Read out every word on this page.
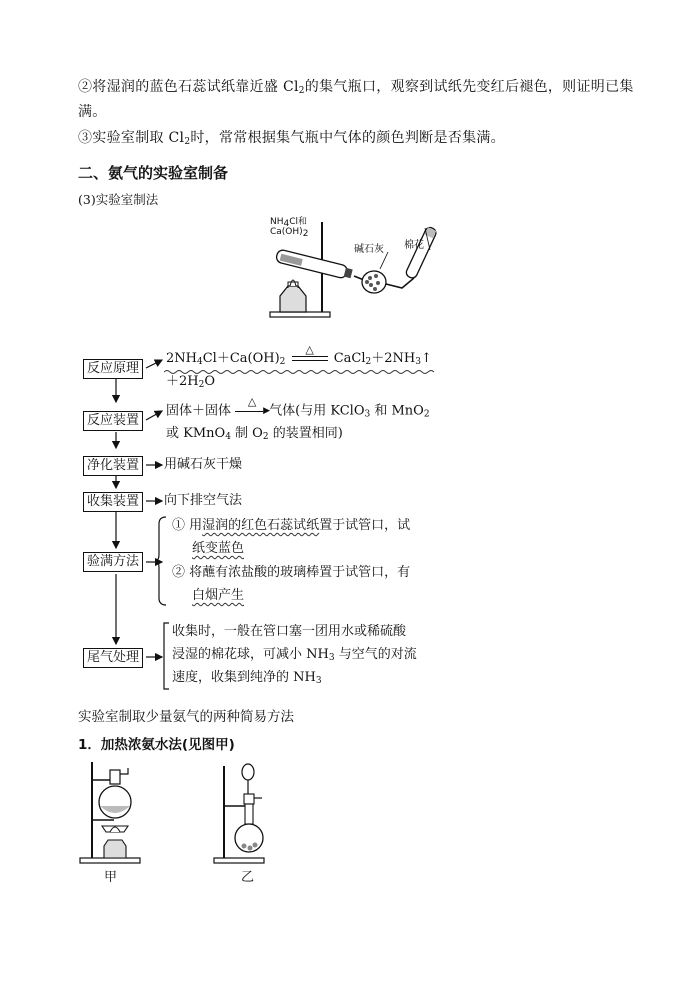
②将湿润的蓝色石蕊试纸靠近盛 $Cl_2$的集气瓶口，观察到试纸先变红后褪色，则证明已集
满。
③实验室制取 $Cl_2$时，常常根据集气瓶中气体的颜色判断是否集满。
二、氨气的实验室制备
(3)实验室制法
$NH_4Cl$和
$Ca(OH)_2$
碱石灰 棉花
反应原理
反应装置
净化装置
收集装置
验满方法
尾气处理
$2NH_4Cl+Ca(OH)_2$
△
$CaCl_2+2NH_3↑$
$+2H_2O$
固体＋固体
△
▶气体(与用 KClO$_3$ 和 MnO$_2$
或 KMnO$_4$ 制 $O_2$ 的装置相同)
用碱石灰干燥
向下排空气法
① 用湿润的红色石蕊试纸置于试管口，试
纸变蓝色
② 将蘸有浓盐酸的玻璃棒置于试管口，有
白烟产生
收集时，一般在管口塞一团用水或稀硫酸
浸湿的棉花球，可减小 $NH_3$ 与空气的对流
速度，收集到纯净的 $NH_3$
实验室制取少量氨气的两种简易方法
1．加热浓氨水法(见图甲)
甲	乙
